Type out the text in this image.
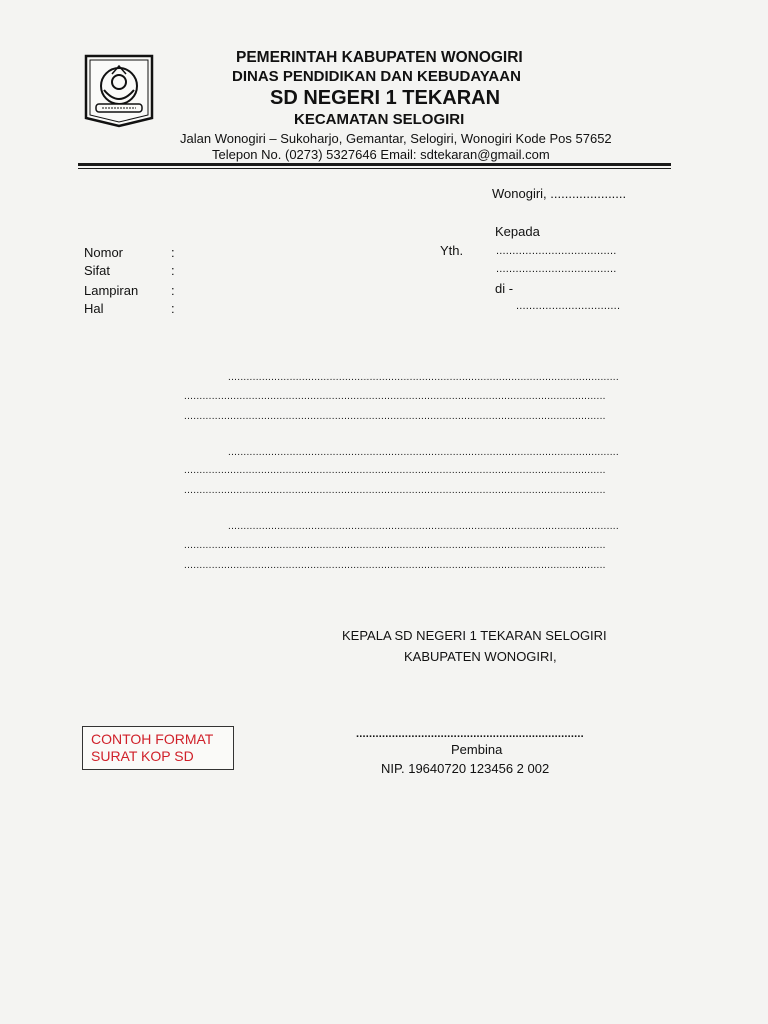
PEMERINTAH KABUPATEN WONOGIRI
DINAS PENDIDIKAN DAN KEBUDAYAAN
SD NEGERI 1 TEKARAN
KECAMATAN SELOGIRI
Jalan Wonogiri – Sukoharjo, Gemantar, Selogiri, Wonogiri Kode Pos 57652
Telepon No. (0273) 5327646 Email: sdtekaran@gmail.com
Wonogiri, .....................
Kepada
Yth.	.....................................
.....................................
di -
................................
Nomor	:
Sifat	:
Lampiran	:
Hal	:
...............................................................................................................................
.........................................................................................................................................
.........................................................................................................................................
...............................................................................................................................
.........................................................................................................................................
.........................................................................................................................................
...............................................................................................................................
.........................................................................................................................................
.........................................................................................................................................
KEPALA SD NEGERI 1 TEKARAN SELOGIRI
KABUPATEN WONOGIRI,
......................................................................
Pembina
NIP. 19640720 123456 2 002
CONTOH FORMAT
SURAT KOP SD
